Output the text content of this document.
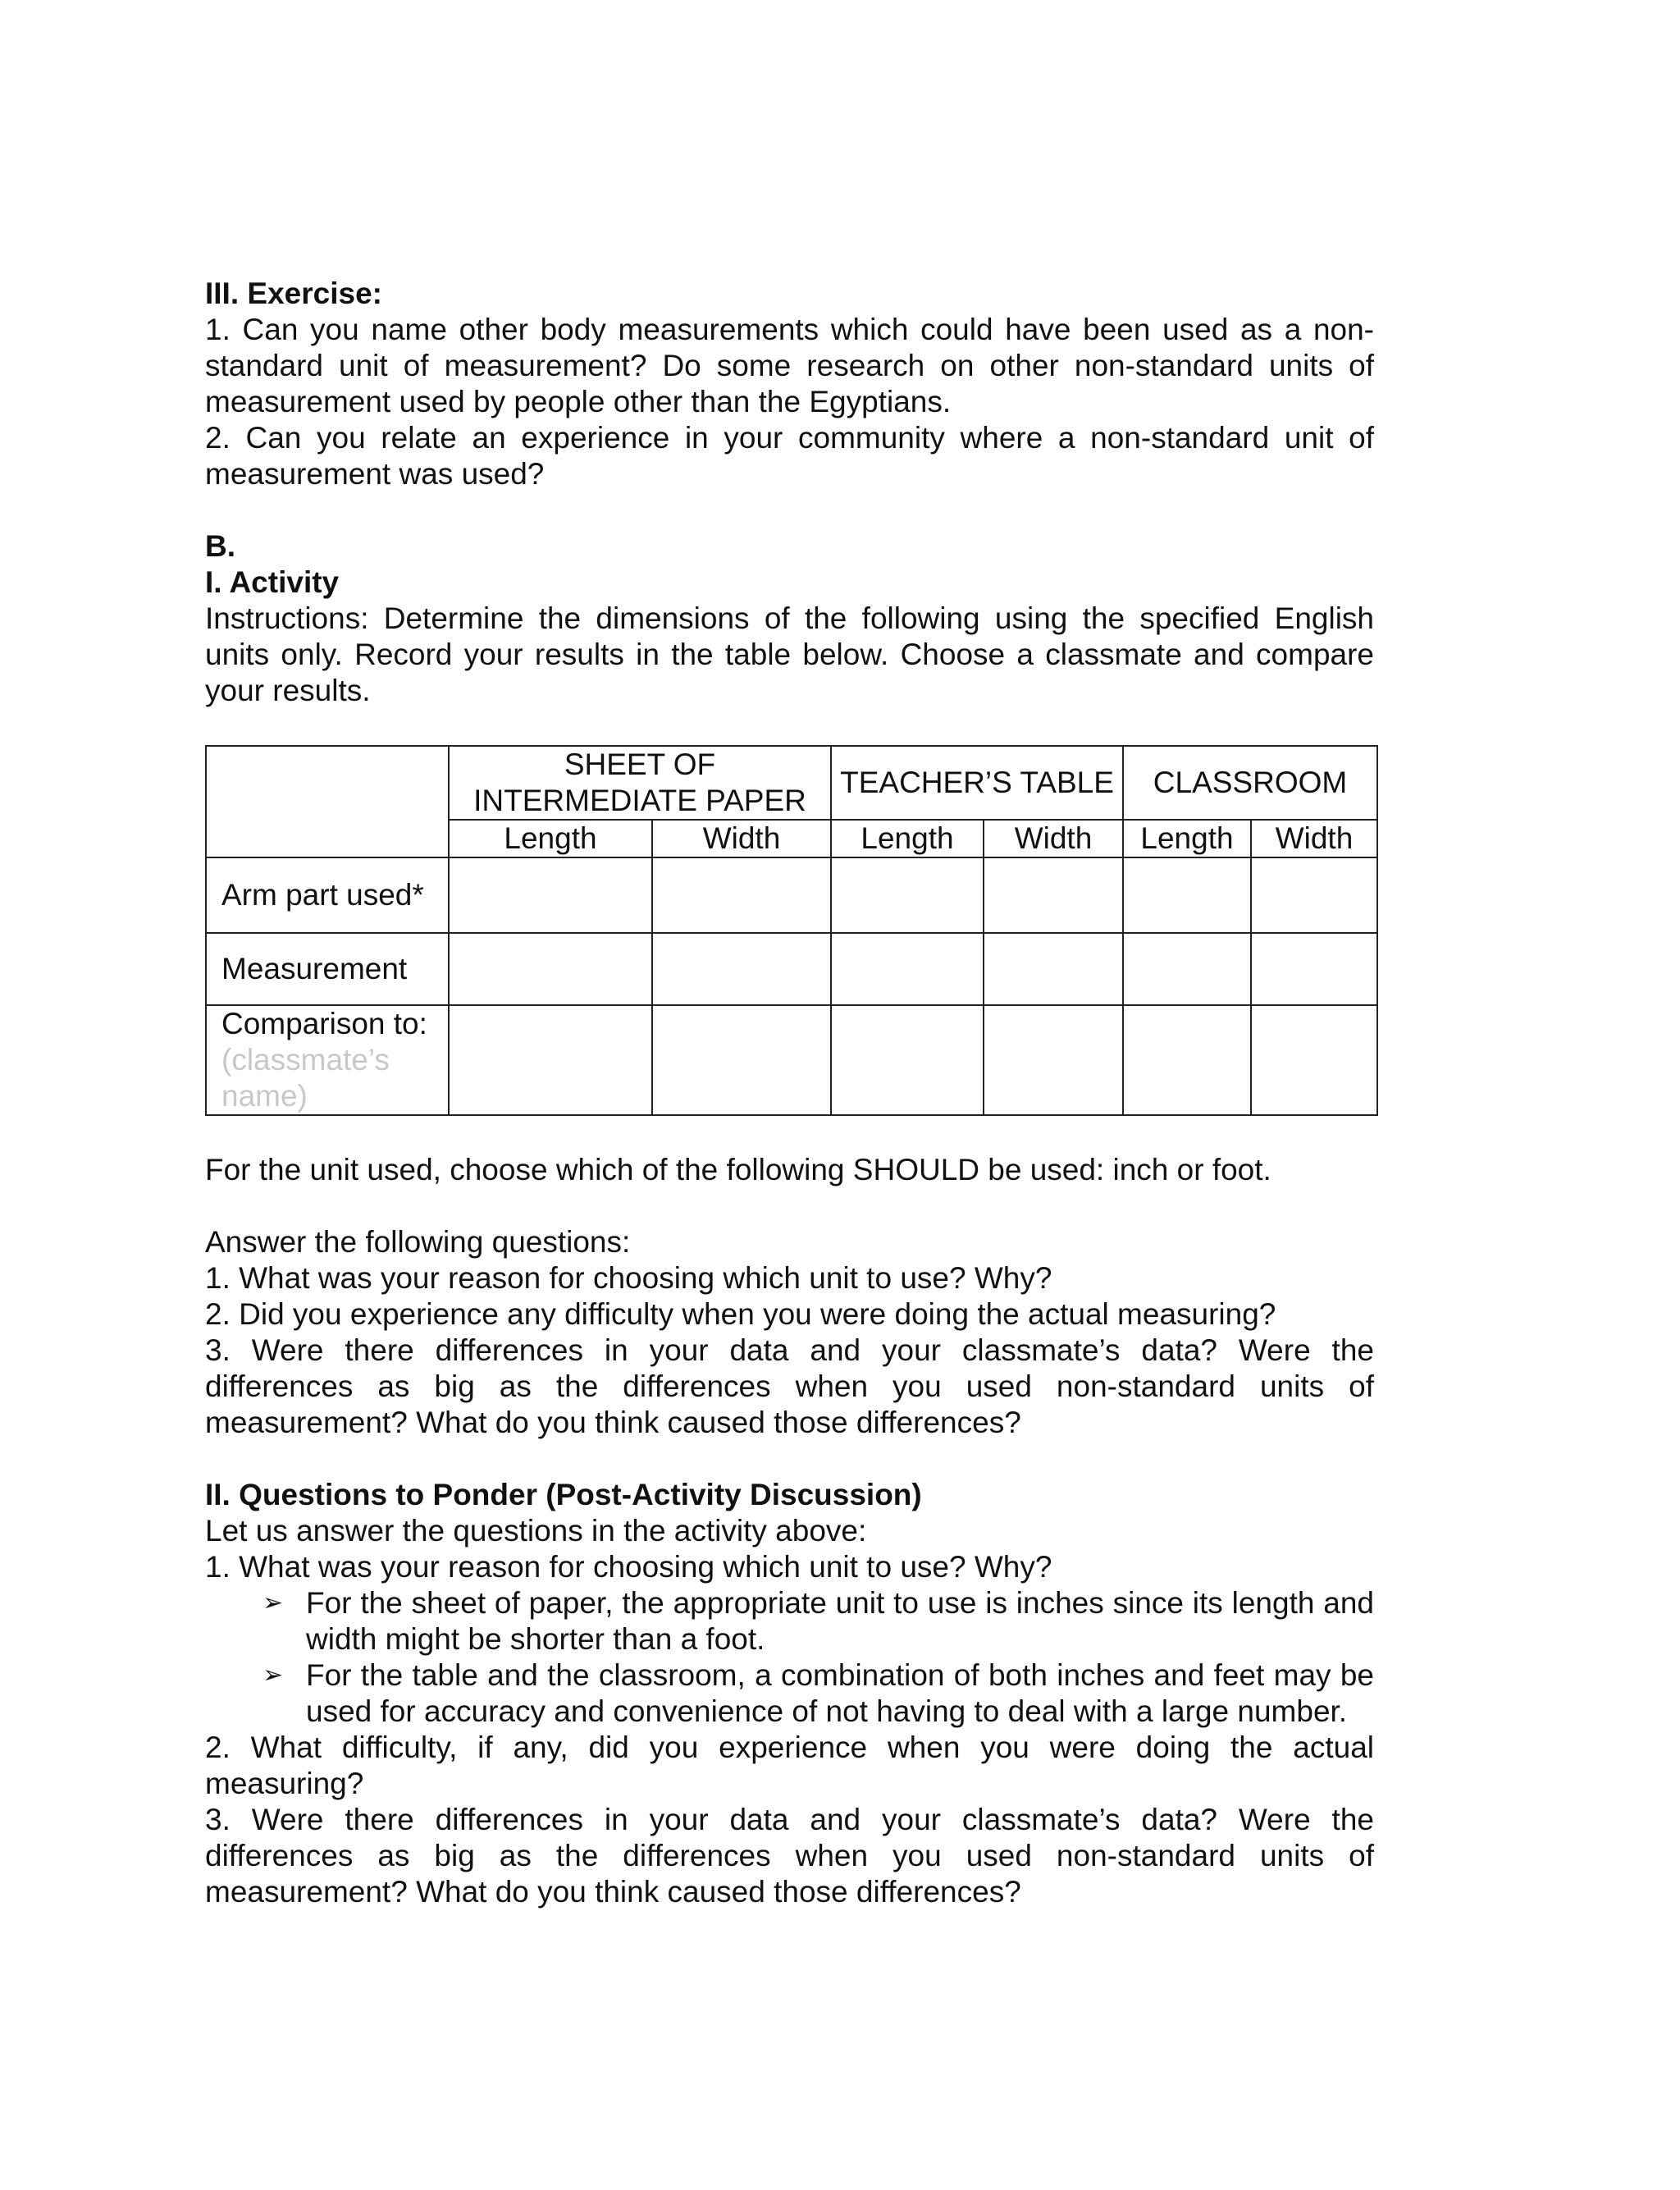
III. Exercise:

1. Can you name other body measurements which could have been used as a non-standard unit of measurement? Do some research on other non-standard units of measurement used by people other than the Egyptians.

2. Can you relate an experience in your community where a non-standard unit of measurement was used?

B.
I. Activity

Instructions: Determine the dimensions of the following using the specified English units only. Record your results in the table below. Choose a classmate and compare your results.

	SHEET OF INTERMEDIATE PAPER		TEACHER’S TABLE		CLASSROOM	
	Length	Width	Length	Width	Length	Width
Arm part used*						
Measurement						

Comparison to:
(classmate’s name)						

For the unit used, choose which of the following SHOULD be used: inch or foot.

Answer the following questions:

1. What was your reason for choosing which unit to use? Why?

2. Did you experience any difficulty when you were doing the actual measuring?

3. Were there differences in your data and your classmate’s data? Were the differences as big as the differences when you used non-standard units of measurement? What do you think caused those differences?

II. Questions to Ponder (Post-Activity Discussion)

Let us answer the questions in the activity above:

1. What was your reason for choosing which unit to use? Why?

➢ For the sheet of paper, the appropriate unit to use is inches since its length and width might be shorter than a foot.
➢ For the table and the classroom, a combination of both inches and feet may be used for accuracy and convenience of not having to deal with a large number.

2. What difficulty, if any, did you experience when you were doing the actual measuring?

3. Were there differences in your data and your classmate’s data? Were the differences as big as the differences when you used non-standard units of measurement? What do you think caused those differences?
